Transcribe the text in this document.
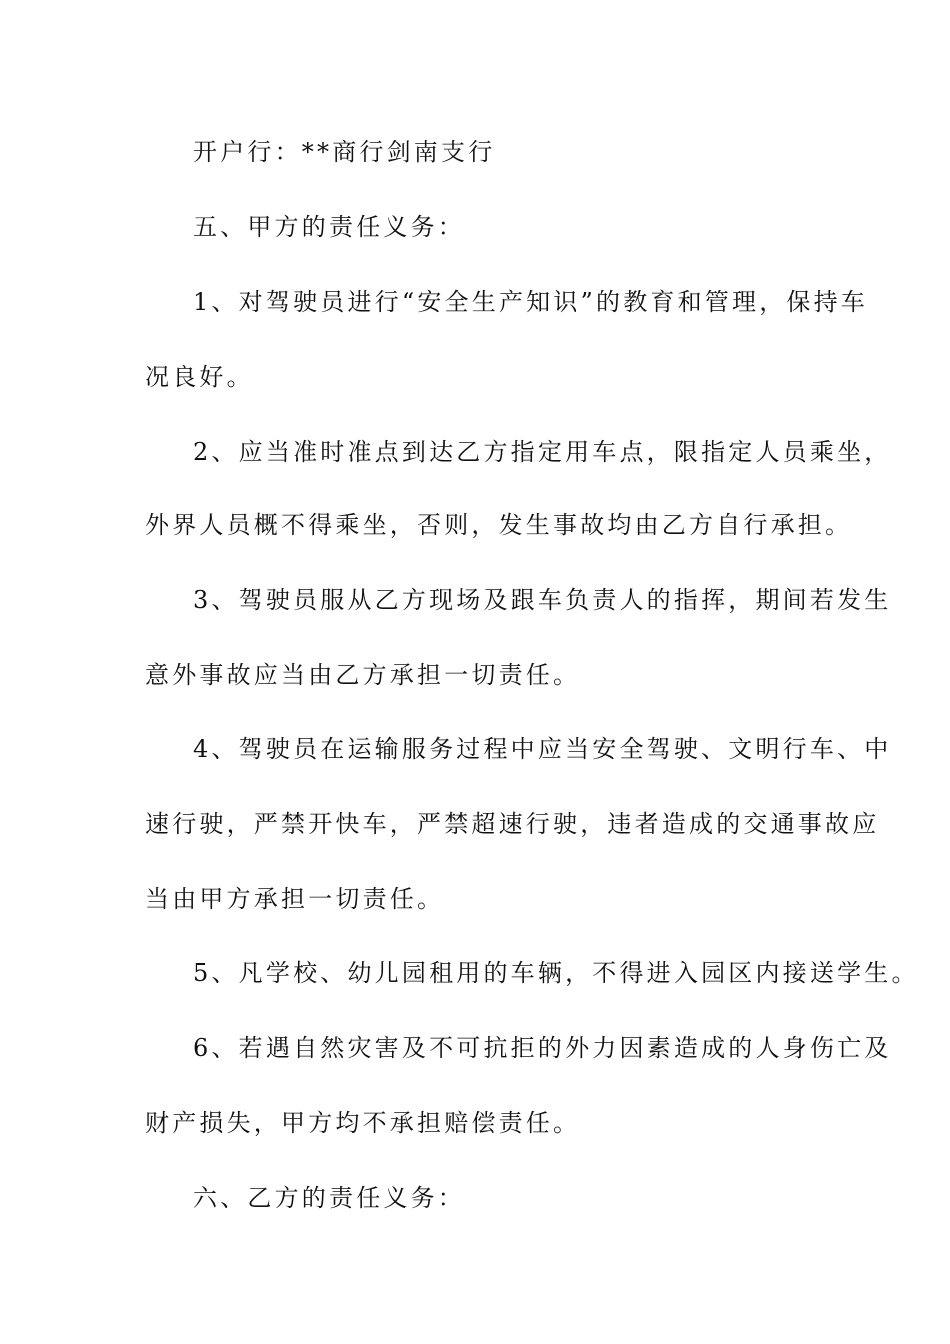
开户行：**商行剑南支行
五、甲方的责任义务：
1、对驾驶员进行“安全生产知识”的教育和管理，保持车
况良好。
2、应当准时准点到达乙方指定用车点，限指定人员乘坐，
外界人员概不得乘坐，否则，发生事故均由乙方自行承担。
3、驾驶员服从乙方现场及跟车负责人的指挥，期间若发生
意外事故应当由乙方承担一切责任。
4、驾驶员在运输服务过程中应当安全驾驶、文明行车、中
速行驶，严禁开快车，严禁超速行驶，违者造成的交通事故应
当由甲方承担一切责任。
5、凡学校、幼儿园租用的车辆，不得进入园区内接送学生。
6、若遇自然灾害及不可抗拒的外力因素造成的人身伤亡及
财产损失，甲方均不承担赔偿责任。
六、乙方的责任义务：
